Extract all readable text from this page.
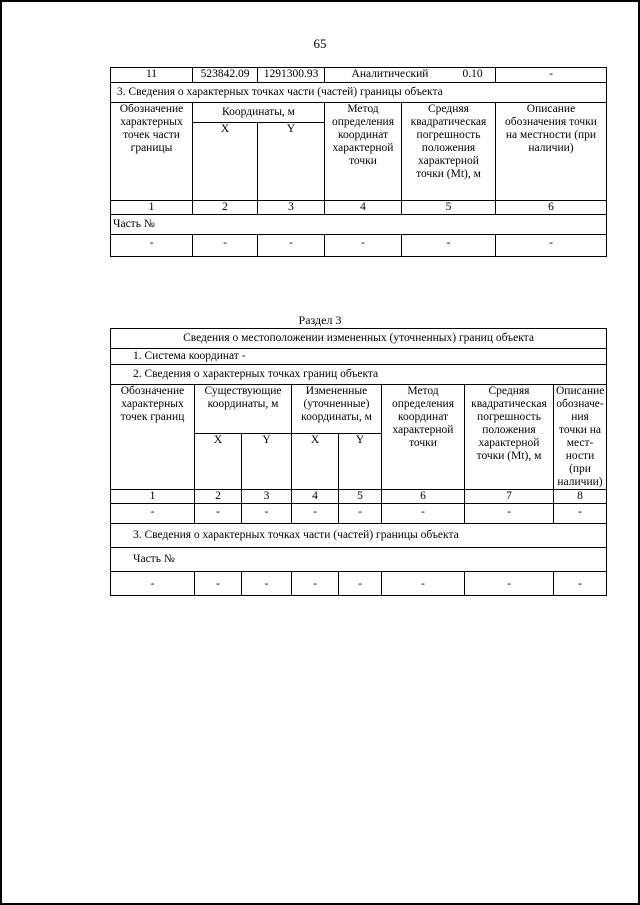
65
11	523842.09	1291300.93	Аналитический 0.10		-
3. Сведения о характерных точках части (частей) границы объекта					
Обозначение характерных точек части границы	Координаты, м		Метод определения координат характерной точки	Средняя квадратическая погрешность положения характерной точки (Mt), м	Описание обозначения точки на местности (при наличии)
	X	Y			
1	2	3	4	5	6
Часть №					
-	-	-	-	-	-
Раздел 3
Сведения о местоположении измененных (уточненных) границ объекта							
1. Система координат -							
2. Сведения о характерных точках границ объекта							
Обозначение характерных точек границ	Существующие координаты, м		Измененные (уточненные) координаты, м		Метод определения координат характерной точки	Средняя квадратическая погрешность положения характерной точки (Mt), м	Описание обозначе-ния точки на мест-ности (при наличии)
	X	Y	X	Y			
1	2	3	4	5	6	7	8
-	-	-	-	-	-	-	-
3. Сведения о характерных точках части (частей) границы объекта							
Часть №							
-	-	-	-	-	-	-	-
